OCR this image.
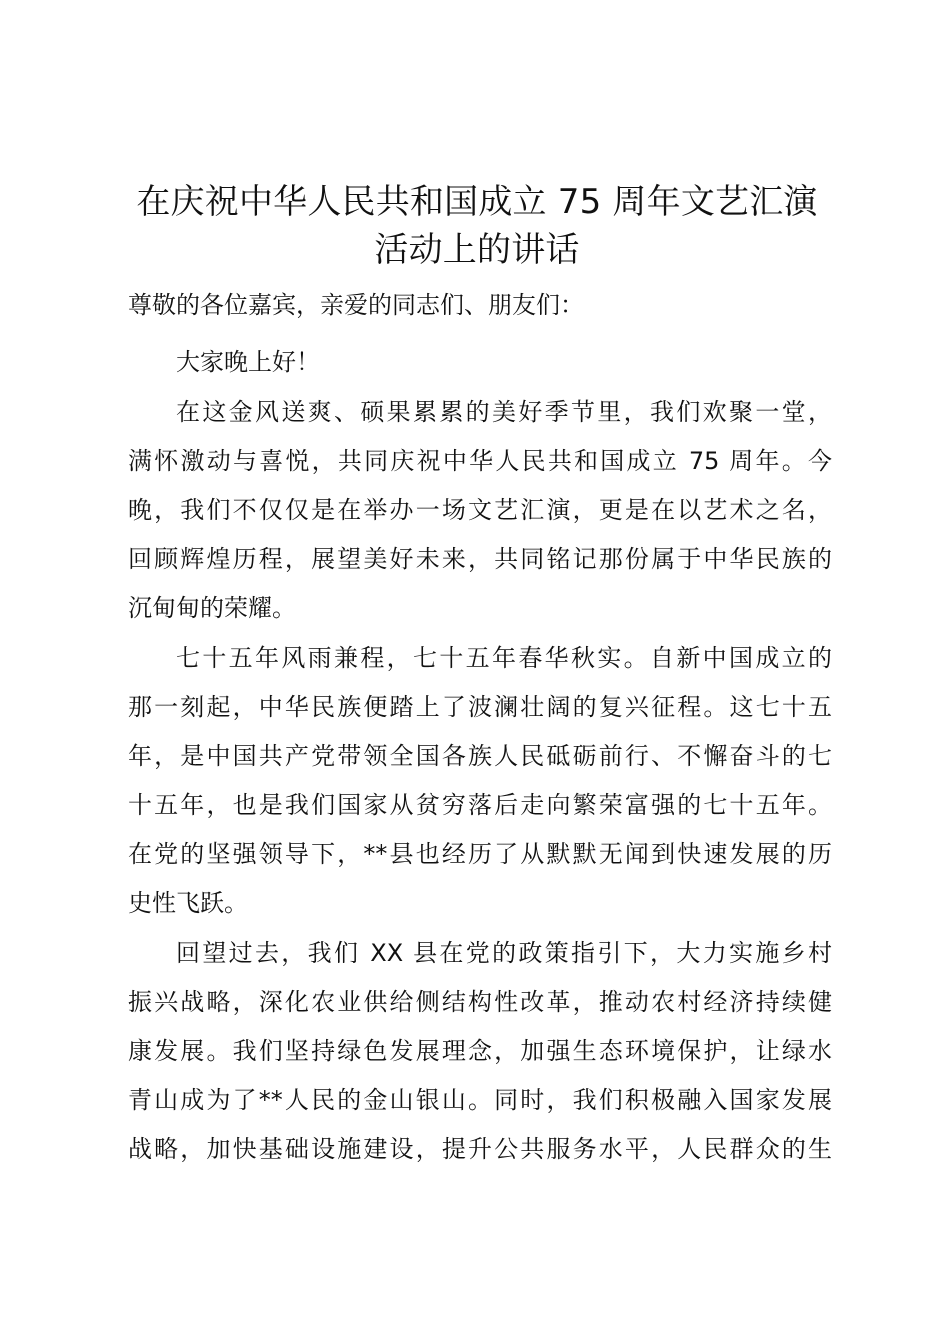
在庆祝中华人民共和国成立 75 周年文艺汇演
活动上的讲话

尊敬的各位嘉宾，亲爱的同志们、朋友们：

大家晚上好！

在这金风送爽、硕果累累的美好季节里，我们欢聚一堂，
满怀激动与喜悦，共同庆祝中华人民共和国成立 75 周年。今
晚，我们不仅仅是在举办一场文艺汇演，更是在以艺术之名，
回顾辉煌历程，展望美好未来，共同铭记那份属于中华民族的
沉甸甸的荣耀。

七十五年风雨兼程，七十五年春华秋实。自新中国成立的
那一刻起，中华民族便踏上了波澜壮阔的复兴征程。这七十五
年，是中国共产党带领全国各族人民砥砺前行、不懈奋斗的七
十五年，也是我们国家从贫穷落后走向繁荣富强的七十五年。
在党的坚强领导下，**县也经历了从默默无闻到快速发展的历
史性飞跃。

回望过去，我们 XX 县在党的政策指引下，大力实施乡村
振兴战略，深化农业供给侧结构性改革，推动农村经济持续健
康发展。我们坚持绿色发展理念，加强生态环境保护，让绿水
青山成为了**人民的金山银山。同时，我们积极融入国家发展
战略，加快基础设施建设，提升公共服务水平，人民群众的生
